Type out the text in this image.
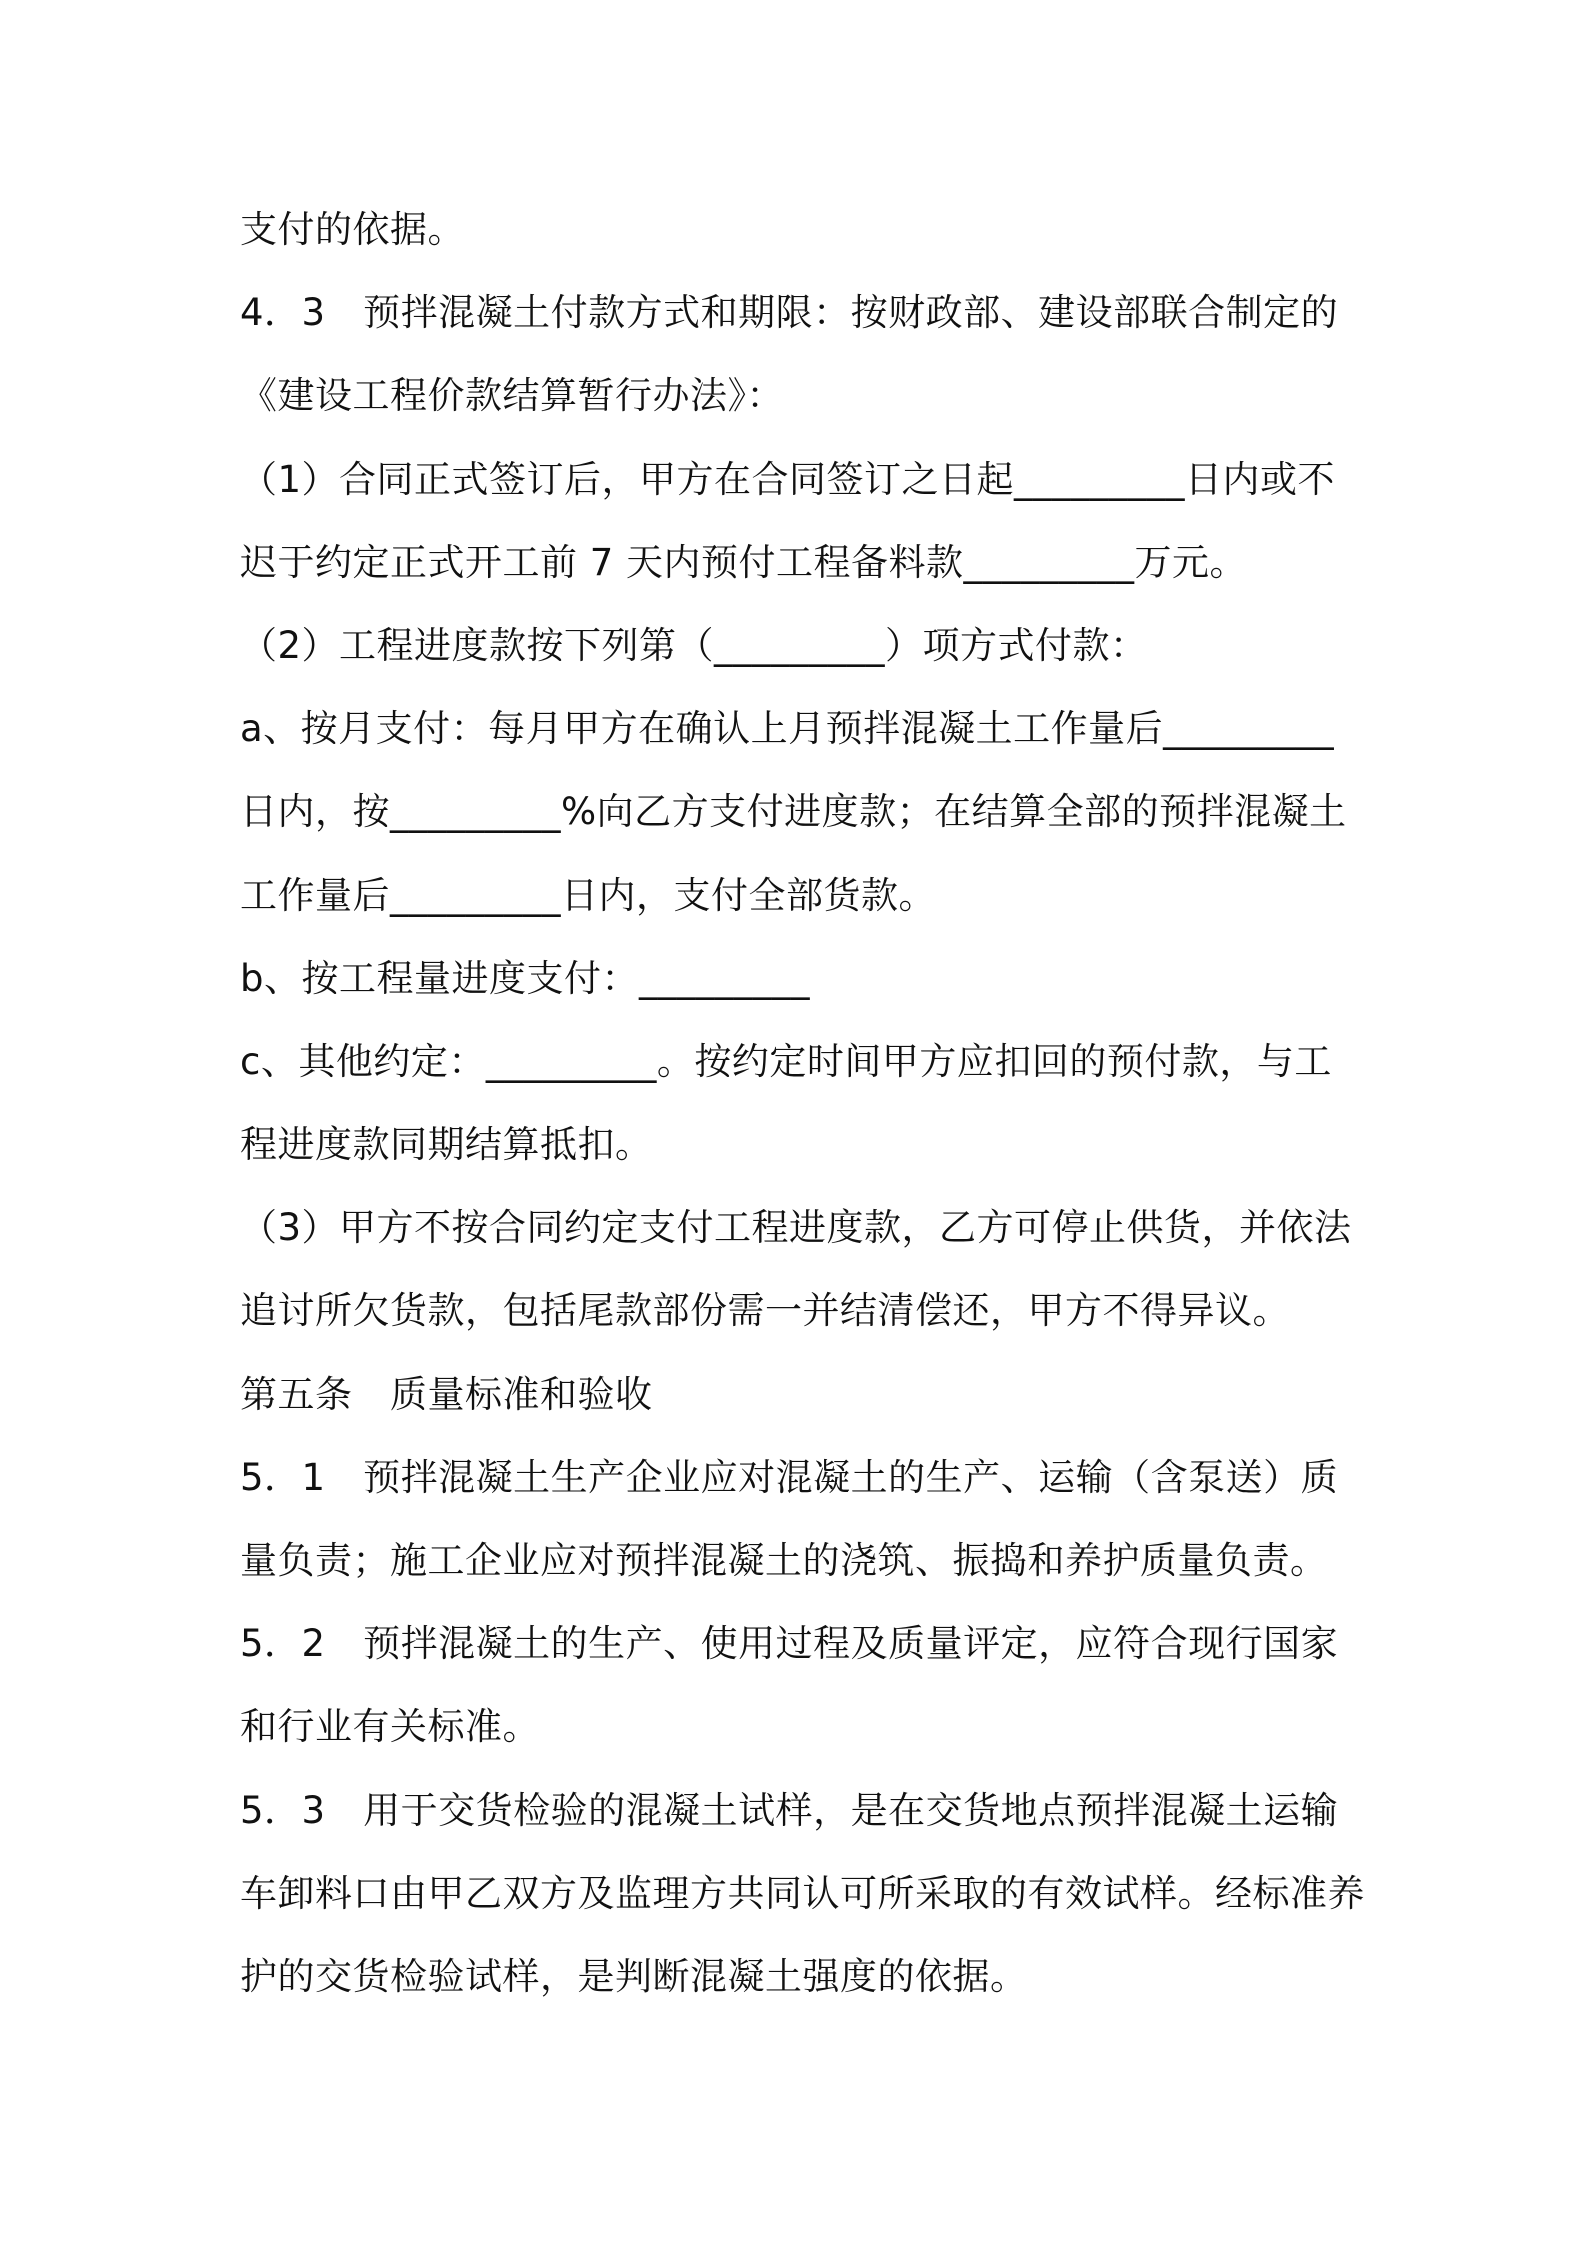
支付的依据。
4．3　预拌混凝土付款方式和期限：按财政部、建设部联合制定的
《建设工程价款结算暂行办法》：
（1）合同正式签订后，甲方在合同签订之日起_________日内或不
迟于约定正式开工前 7 天内预付工程备料款_________万元。
（2）工程进度款按下列第（_________）项方式付款：
a、按月支付：每月甲方在确认上月预拌混凝土工作量后_________
日内，按_________%向乙方支付进度款；在结算全部的预拌混凝土
工作量后_________日内，支付全部货款。
b、按工程量进度支付：_________
c、其他约定：_________。按约定时间甲方应扣回的预付款，与工
程进度款同期结算抵扣。
（3）甲方不按合同约定支付工程进度款，乙方可停止供货，并依法
追讨所欠货款，包括尾款部份需一并结清偿还，甲方不得异议。
第五条　质量标准和验收
5．1　预拌混凝土生产企业应对混凝土的生产、运输（含泵送）质
量负责；施工企业应对预拌混凝土的浇筑、振捣和养护质量负责。
5．2　预拌混凝土的生产、使用过程及质量评定，应符合现行国家
和行业有关标准。
5．3　用于交货检验的混凝土试样，是在交货地点预拌混凝土运输
车卸料口由甲乙双方及监理方共同认可所采取的有效试样。经标准养
护的交货检验试样，是判断混凝土强度的依据。
